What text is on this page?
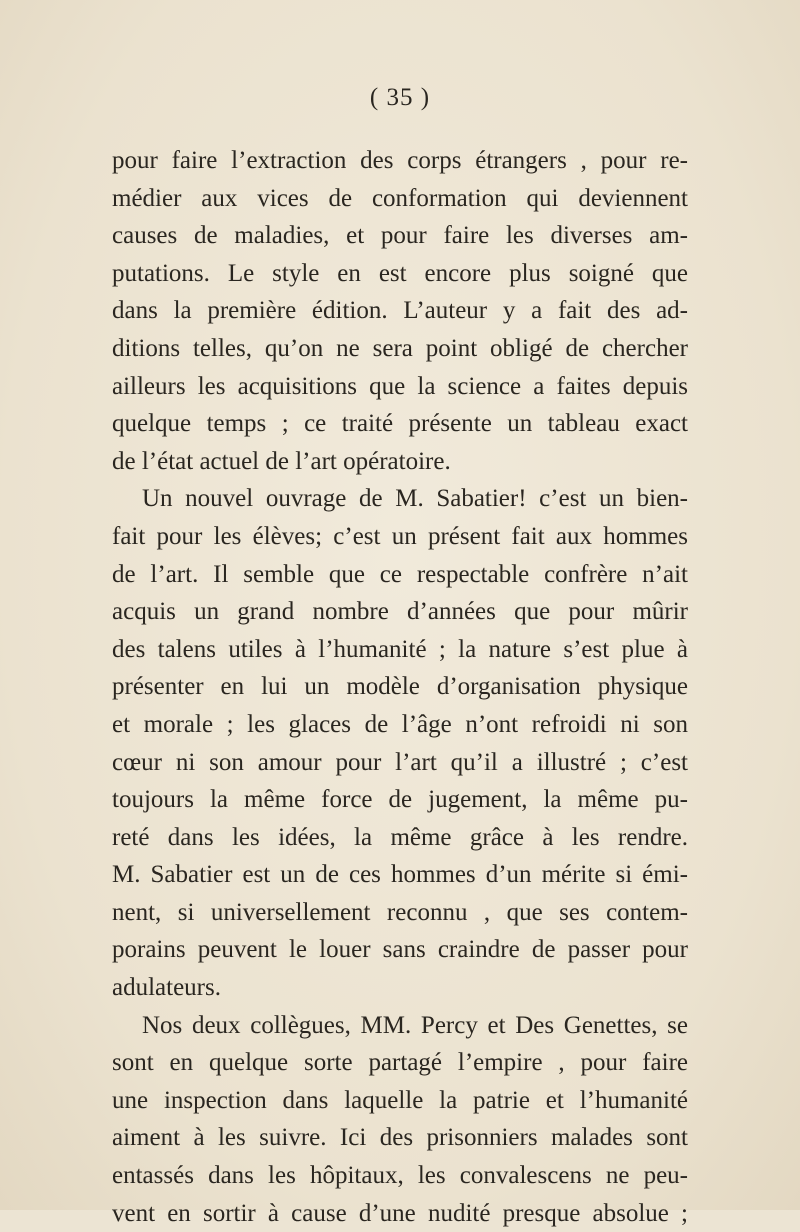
( 35 )
pour faire l’extraction des corps étrangers , pour re-
médier aux vices de conformation qui deviennent
causes de maladies, et pour faire les diverses am-
putations. Le style en est encore plus soigné que
dans la première édition. L’auteur y a fait des ad-
ditions telles, qu’on ne sera point obligé de chercher
ailleurs les acquisitions que la science a faites depuis
quelque temps ; ce traité présente un tableau exact
de l’état actuel de l’art opératoire.
Un nouvel ouvrage de M. Sabatier! c’est un bien-
fait pour les élèves; c’est un présent fait aux hommes
de l’art. Il semble que ce respectable confrère n’ait
acquis un grand nombre d’années que pour mûrir
des talens utiles à l’humanité ; la nature s’est plue à
présenter en lui un modèle d’organisation physique
et morale ; les glaces de l’âge n’ont refroidi ni son
cœur ni son amour pour l’art qu’il a illustré ; c’est
toujours la même force de jugement, la même pu-
reté dans les idées, la même grâce à les rendre.
M. Sabatier est un de ces hommes d’un mérite si émi-
nent, si universellement reconnu , que ses contem-
porains peuvent le louer sans craindre de passer pour
adulateurs.
Nos deux collègues, MM. Percy et Des Genettes, se
sont en quelque sorte partagé l’empire , pour faire
une inspection dans laquelle la patrie et l’humanité
aiment à les suivre. Ici des prisonniers malades sont
entassés dans les hôpitaux, les convalescens ne peu-
vent en sortir à cause d’une nudité presque absolue ;
